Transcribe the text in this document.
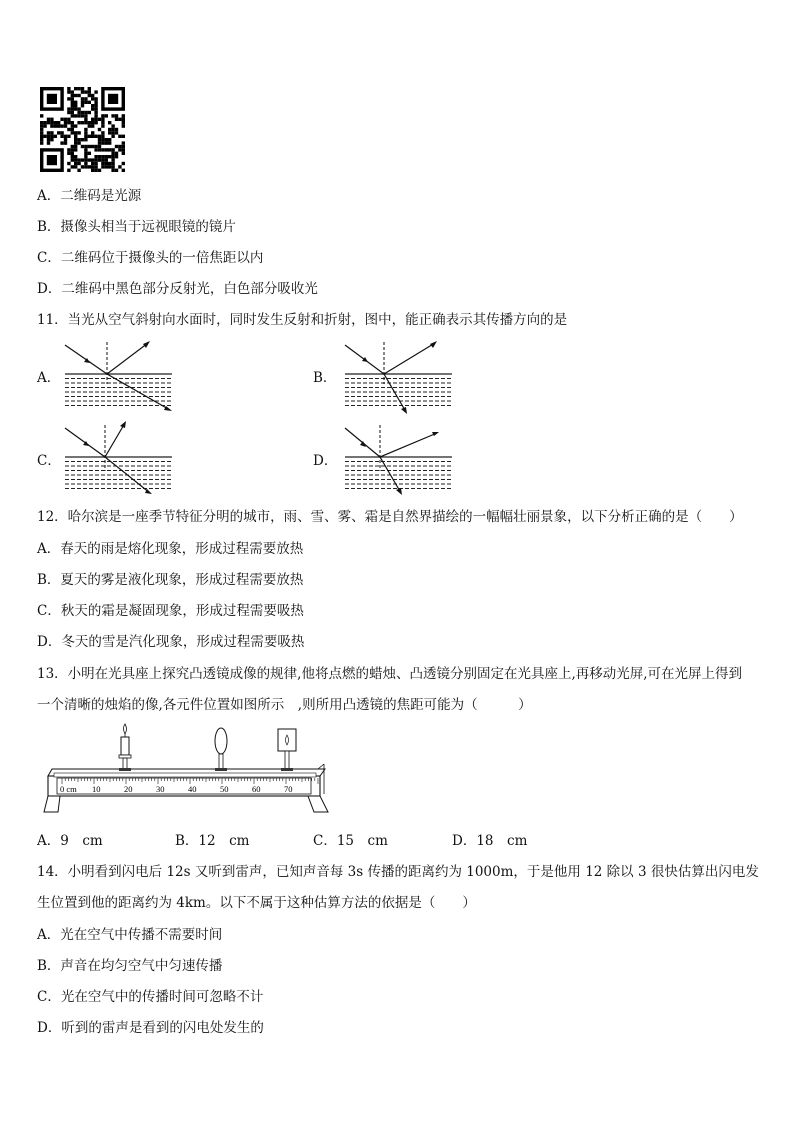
A．二维码是光源
B．摄像头相当于远视眼镜的镜片
C．二维码位于摄像头的一倍焦距以内
D．二维码中黑色部分反射光，白色部分吸收光
11．当光从空气斜射向水面时，同时发生反射和折射，图中，能正确表示其传播方向的是
A．	B．
C．	D．
12．哈尔滨是一座季节特征分明的城市，雨、雪、雾、霜是自然界描绘的一幅幅壮丽景象，以下分析正确的是（　　）
A．春天的雨是熔化现象，形成过程需要放热
B．夏天的雾是液化现象，形成过程需要放热
C．秋天的霜是凝固现象，形成过程需要吸热
D．冬天的雪是汽化现象，形成过程需要吸热
13．小明在光具座上探究凸透镜成像的规律,他将点燃的蜡烛、凸透镜分别固定在光具座上,再移动光屏,可在光屏上得到
一个清晰的烛焰的像,各元件位置如图所示　,则所用凸透镜的焦距可能为（　　　）
0 cm 10	20	30	40	50	60	70
A．9　cm	B．12　cm	C．15　cm	D．18　cm
14．小明看到闪电后 12s 又听到雷声，已知声音每 3s 传播的距离约为 1000m，于是他用 12 除以 3 很快估算出闪电发
生位置到他的距离约为 4km。以下不属于这种估算方法的依据是（　　）
A．光在空气中传播不需要时间
B．声音在均匀空气中匀速传播
C．光在空气中的传播时间可忽略不计
D．听到的雷声是看到的闪电处发生的
